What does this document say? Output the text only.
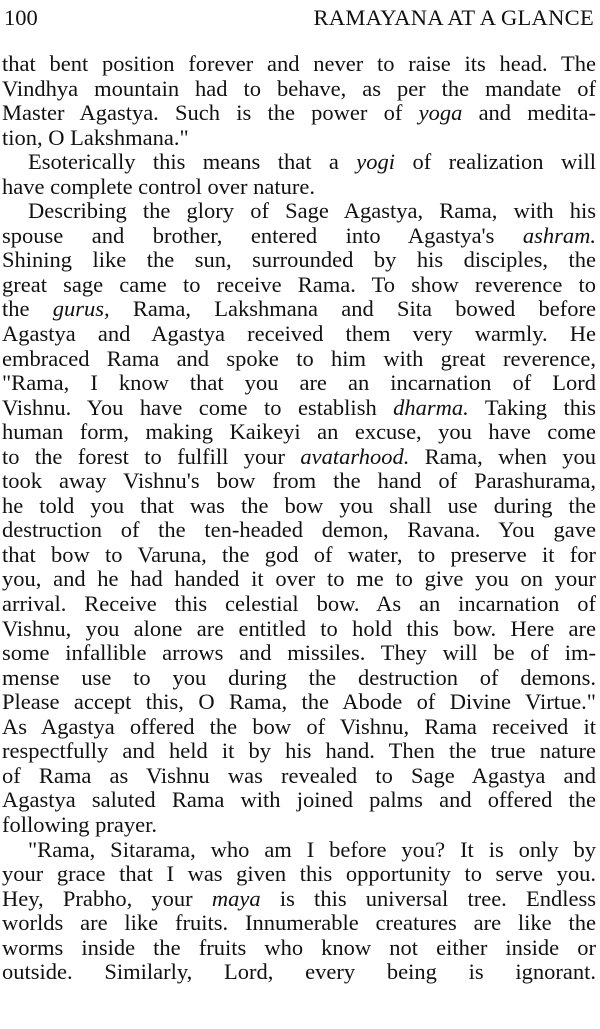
100	RAMAYANA AT A GLANCE
that bent position forever and never to raise its head. The
Vindhya mountain had to behave, as per the mandate of
Master Agastya. Such is the power of yoga and medita-
tion, O Lakshmana."
Esoterically this means that a yogi of realization will
have complete control over nature.
Describing the glory of Sage Agastya, Rama, with his
spouse and brother, entered into Agastya's ashram.
Shining like the sun, surrounded by his disciples, the
great sage came to receive Rama. To show reverence to
the gurus, Rama, Lakshmana and Sita bowed before
Agastya and Agastya received them very warmly. He
embraced Rama and spoke to him with great reverence,
"Rama, I know that you are an incarnation of Lord
Vishnu. You have come to establish dharma. Taking this
human form, making Kaikeyi an excuse, you have come
to the forest to fulfill your avatarhood. Rama, when you
took away Vishnu's bow from the hand of Parashurama,
he told you that was the bow you shall use during the
destruction of the ten-headed demon, Ravana. You gave
that bow to Varuna, the god of water, to preserve it for
you, and he had handed it over to me to give you on your
arrival. Receive this celestial bow. As an incarnation of
Vishnu, you alone are entitled to hold this bow. Here are
some infallible arrows and missiles. They will be of im-
mense use to you during the destruction of demons.
Please accept this, O Rama, the Abode of Divine Virtue."
As Agastya offered the bow of Vishnu, Rama received it
respectfully and held it by his hand. Then the true nature
of Rama as Vishnu was revealed to Sage Agastya and
Agastya saluted Rama with joined palms and offered the
following prayer.
"Rama, Sitarama, who am I before you? It is only by
your grace that I was given this opportunity to serve you.
Hey, Prabho, your maya is this universal tree. Endless
worlds are like fruits. Innumerable creatures are like the
worms inside the fruits who know not either inside or
outside. Similarly, Lord, every being is ignorant.
